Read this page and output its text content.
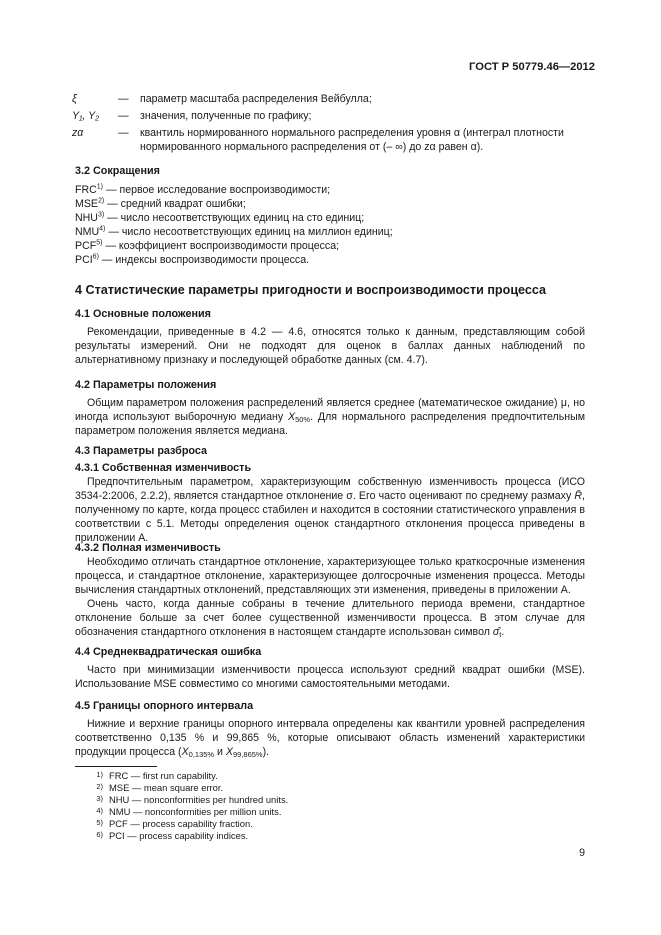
ГОСТ Р 50779.46—2012
ξ	— параметр масштаба распределения Вейбулла;
Y₁, Y₂	— значения, полученные по графику;
zα	— квантиль нормированного нормального распределения уровня α (интеграл плотности нормированного нормального распределения от (– ∞) до zα равен α).
3.2 Сокращения
FRC$^{1)}$ — первое исследование воспроизводимости;
MSE$^{2)}$ — средний квадрат ошибки;
NHU$^{3)}$ — число несоответствующих единиц на сто единиц;
NMU$^{4)}$ — число несоответствующих единиц на миллион единиц;
PCF$^{5)}$ — коэффициент воспроизводимости процесса;
PCI$^{6)}$ — индексы воспроизводимости процесса.
4 Статистические параметры пригодности и воспроизводимости процесса
4.1 Основные положения

Рекомендации, приведенные в 4.2 — 4.6, относятся только к данным, представляющим собой результаты измерений. Они не подходят для оценок в баллах данных наблюдений по альтернативному признаку и последующей обработке данных (см. 4.7).

4.2 Параметры положения

Общим параметром положения распределений является среднее (математическое ожидание) μ, но иногда используют выборочную медиану $X_{50\%}$. Для нормального распределения предпочтительным параметром положения является медиана.

4.3 Параметры разброса
4.3.1 Собственная изменчивость

Предпочтительным параметром, характеризующим собственную изменчивость процесса (ИСО 3534-2:2006, 2.2.2), является стандартное отклонение σ. Его часто оценивают по среднему размаху R̄, полученному по карте, когда процесс стабилен и находится в состоянии статистического управления в соответствии с 5.1. Методы определения оценок стандартного отклонения процесса приведены в приложении А.

4.3.2 Полная изменчивость

Необходимо отличать стандартное отклонение, характеризующее только краткосрочные изменения процесса, и стандартное отклонение, характеризующее долгосрочные изменения процесса. Методы вычисления стандартных отклонений, представляющих эти изменения, приведены в приложении А.

Очень часто, когда данные собраны в течение длительного периода времени, стандартное отклонение больше за счет более существенной изменчивости процесса. В этом случае для обозначения стандартного отклонения в настоящем стандарте использован символ $\sigmâ_t$.

4.4 Среднеквадратическая ошибка

Часто при минимизации изменчивости процесса используют средний квадрат ошибки (MSE). Использование MSE совместимо со многими самостоятельными методами.

4.5 Границы опорного интервала

Нижние и верхние границы опорного интервала определены как квантили уровней распределения соответственно 0,135 % и 99,865 %, которые описывают область изменений характеристики продукции процесса ($X_{0,135\%}$ и $X_{99,865\%}$).

1) FRC — first run capability.
2) MSE — mean square error.
3) NHU — nonconformities per hundred units.
4) NMU — nonconformities per million units.
5) PCF — process capability fraction.
6) PCI — process capability indices.
9
